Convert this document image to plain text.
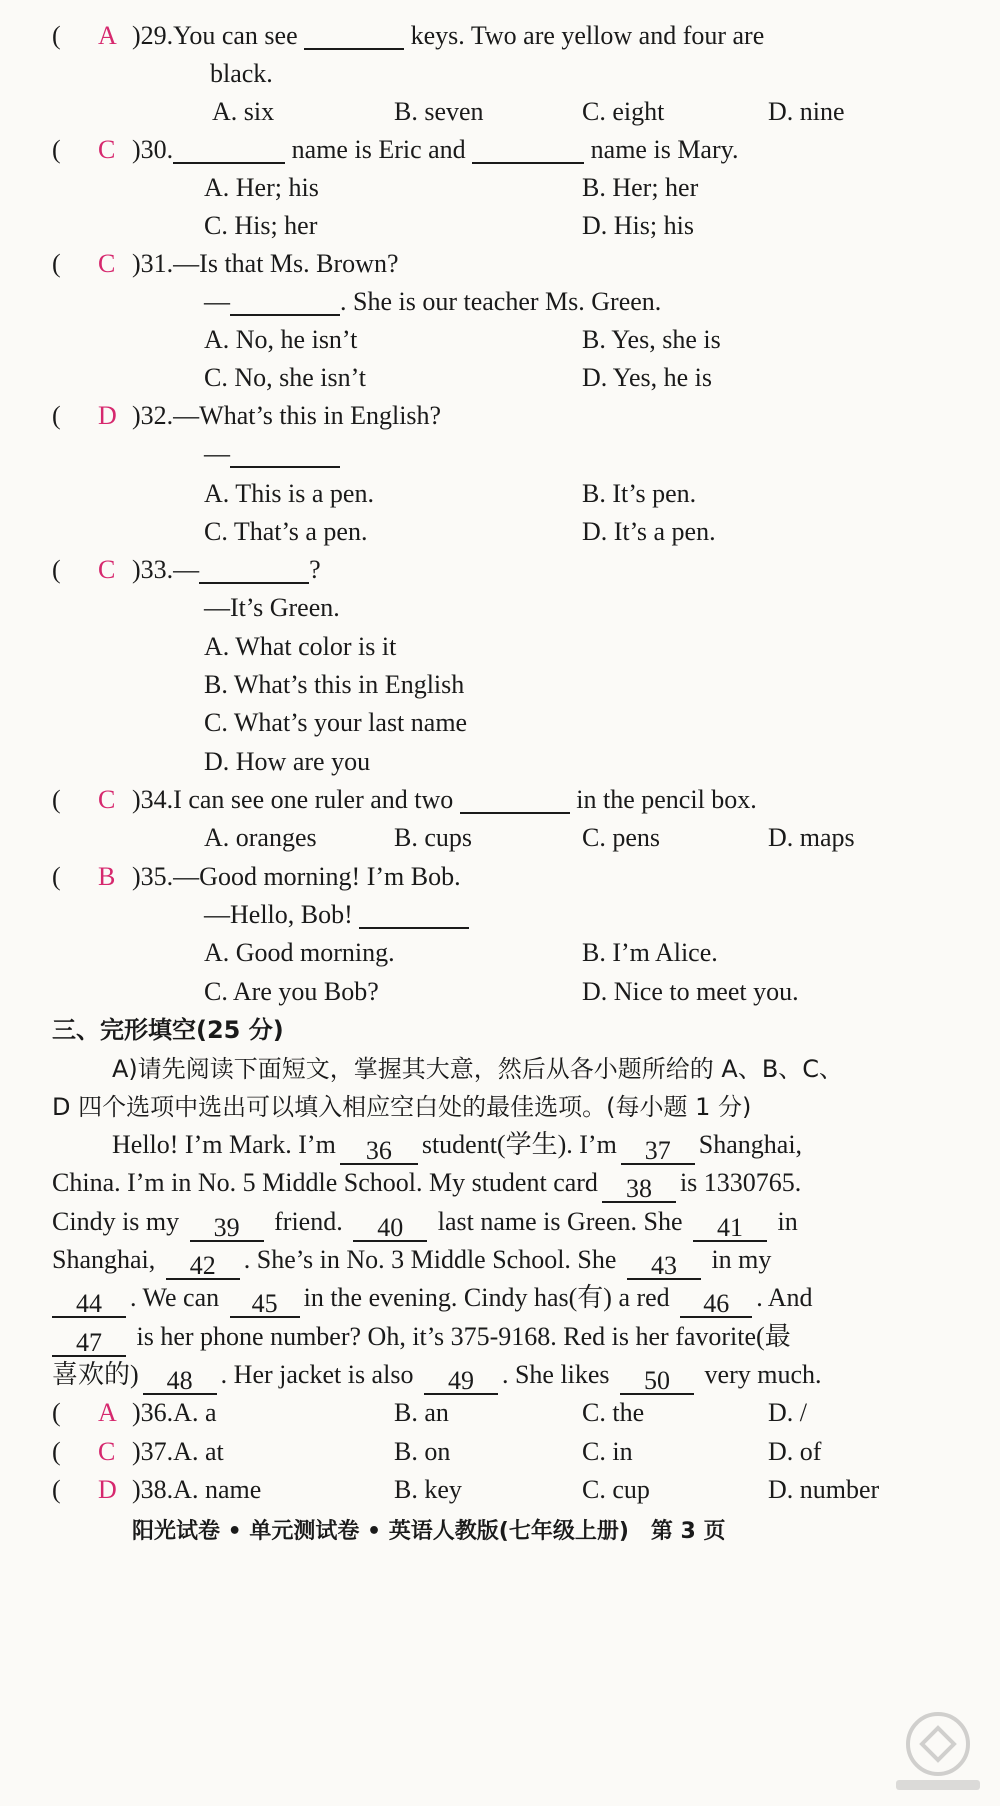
( A )29.You can see	keys. Two are yellow and four are
black.
A. six	B. seven	C. eight	D. nine
( C )30.	name is Eric and	name is Mary.
A. Her; his	B. Her; her
C. His; her	D. His; his
( C )31.—Is that Ms. Brown?
—	. She is our teacher Ms. Green.
A. No, he isn’t	B. Yes, she is
C. No, she isn’t	D. Yes, he is
( D )32.—What’s this in English?
—
A. This is a pen.	B. It’s pen.
C. That’s a pen.	D. It’s a pen.
( C )33.—	?
—It’s Green.
A. What color is it
B. What’s this in English
C. What’s your last name
D. How are you
( C )34.I can see one ruler and two	in the pencil box.
A. oranges	B. cups	C. pens	D. maps
( B )35.—Good morning! I’m Bob.
—Hello, Bob!
A. Good morning.	B. I’m Alice.
C. Are you Bob?	D. Nice to meet you.
三、完形填空(25 分)
A)请先阅读下面短文，掌握其大意，然后从各小题所给的 A、B、C、
D 四个选项中选出可以填入相应空白处的最佳选项。(每小题 1 分)
Hello! I’m Mark. I’m 36 student(学生). I’m 37 Shanghai,
China. I’m in No. 5 Middle School. My student card 38 is 1330765.
Cindy is my 39 friend. 40 last name is Green. She 41 in
Shanghai, 42 . She’s in No. 3 Middle School. She 43 in my
44 . We can 45 in the evening. Cindy has(有) a red 46 . And
47 is her phone number? Oh, it’s 375-9168. Red is her favorite(最
喜欢的) 48 . Her jacket is also 49 . She likes 50 very much.
( A )36.A. a	B. an	C. the	D. /
( C )37.A. at	B. on	C. in	D. of
( D )38.A. name	B. key	C. cup	D. number
阳光试卷 • 单元测试卷 • 英语人教版(七年级上册)　第 3 页
